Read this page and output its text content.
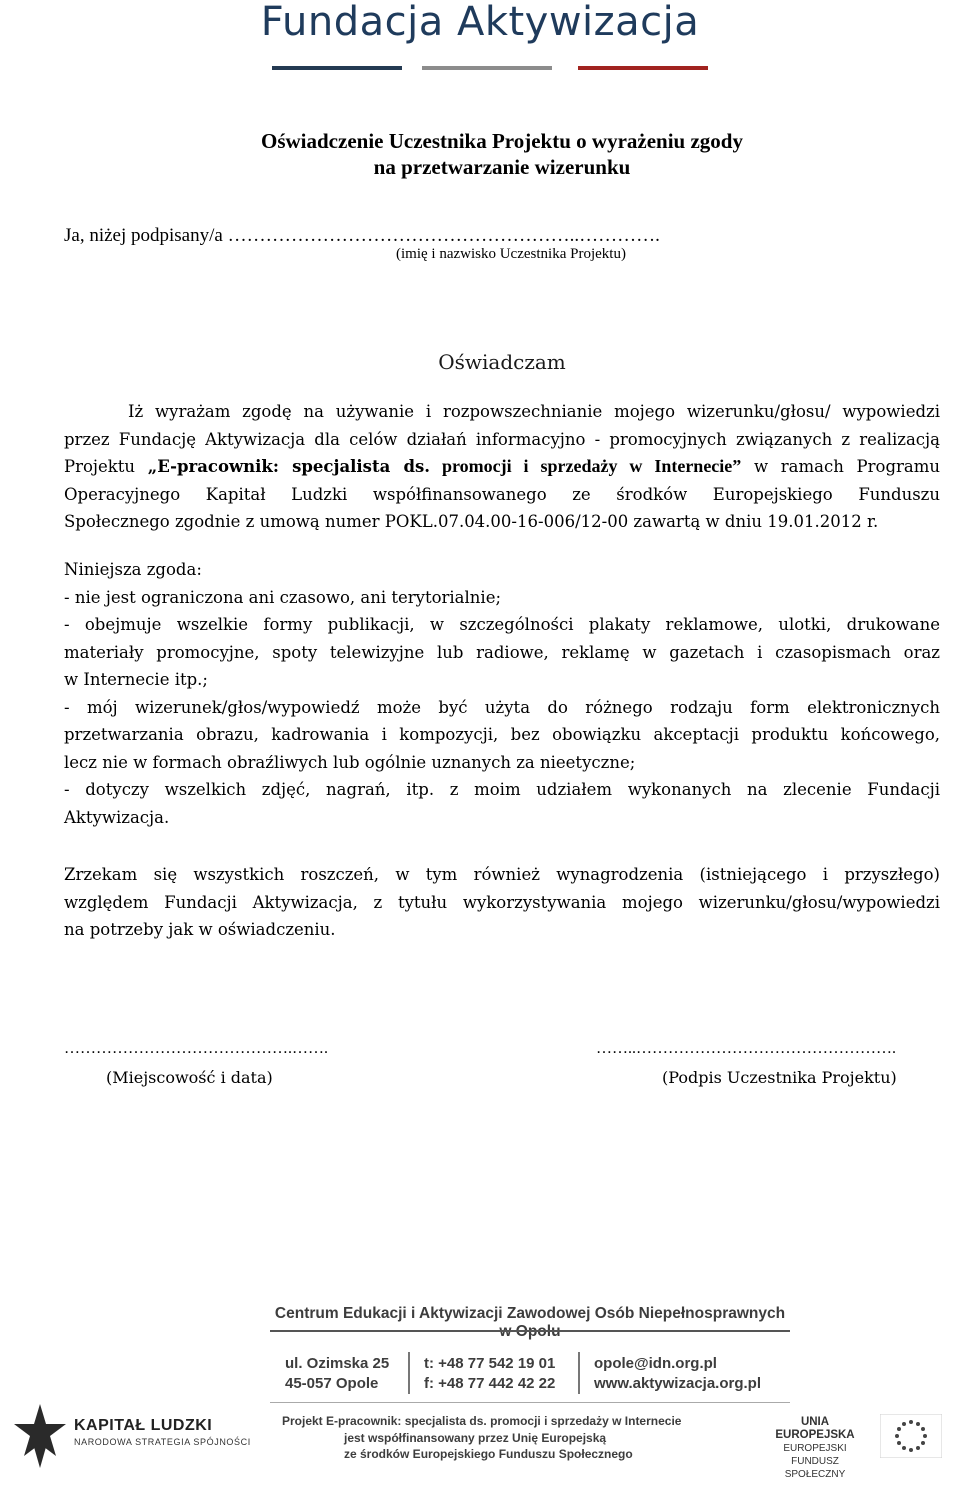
Fundacja Aktywizacja
Oświadczenie Uczestnika Projektu o wyrażeniu zgody
na przetwarzanie wizerunku
Ja, niżej podpisany/a ………………………………………………..………….
(imię i nazwisko Uczestnika Projektu)
Oświadczam
Iż wyrażam zgodę na używanie i rozpowszechnianie mojego wizerunku/głosu/ wypowiedzi
przez Fundację Aktywizacja dla celów działań informacyjno - promocyjnych związanych z realizacją
Projektu „E-pracownik: specjalista ds. promocji i sprzedaży w Internecie” w ramach Programu
Operacyjnego Kapitał Ludzki współfinansowanego ze środków Europejskiego Funduszu
Społecznego zgodnie z umową numer POKL.07.04.00-16-006/12-00 zawartą w dniu 19.01.2012 r.
Niniejsza zgoda:
- nie jest ograniczona ani czasowo, ani terytorialnie;
- obejmuje wszelkie formy publikacji, w szczególności plakaty reklamowe, ulotki, drukowane
materiały promocyjne, spoty telewizyjne lub radiowe, reklamę w gazetach i czasopismach oraz
w Internecie itp.;
- mój wizerunek/głos/wypowiedź może być użyta do różnego rodzaju form elektronicznych
przetwarzania obrazu, kadrowania i kompozycji, bez obowiązku akceptacji produktu końcowego,
lecz nie w formach obraźliwych lub ogólnie uznanych za nieetyczne;
- dotyczy wszelkich zdjęć, nagrań, itp. z moim udziałem wykonanych na zlecenie Fundacji
Aktywizacja.
Zrzekam się wszystkich roszczeń, w tym również wynagrodzenia (istniejącego i przyszłego)
względem Fundacji Aktywizacja, z tytułu wykorzystywania mojego wizerunku/głosu/wypowiedzi
na potrzeby jak w oświadczeniu.
…………………………………….…….
(Miejscowość i data)
……..………………………………………….
(Podpis Uczestnika Projektu)
Centrum Edukacji i Aktywizacji Zawodowej Osób Niepełnosprawnych
ul. Ozimska 25
45-057 Opole
t: +48 77 542 19 01
f: +48 77 442 42 22
opole@idn.org.pl
www.aktywizacja.org.pl
KAPITAŁ LUDZKI
NARODOWA STRATEGIA SPÓJNOŚCI
Projekt E-pracownik: specjalista ds. promocji i sprzedaży w Internecie
jest współfinansowany przez Unię Europejską
ze środków Europejskiego Funduszu Społecznego
UNIA EUROPEJSKA
EUROPEJSKI
FUNDUSZ SPOŁECZNY
